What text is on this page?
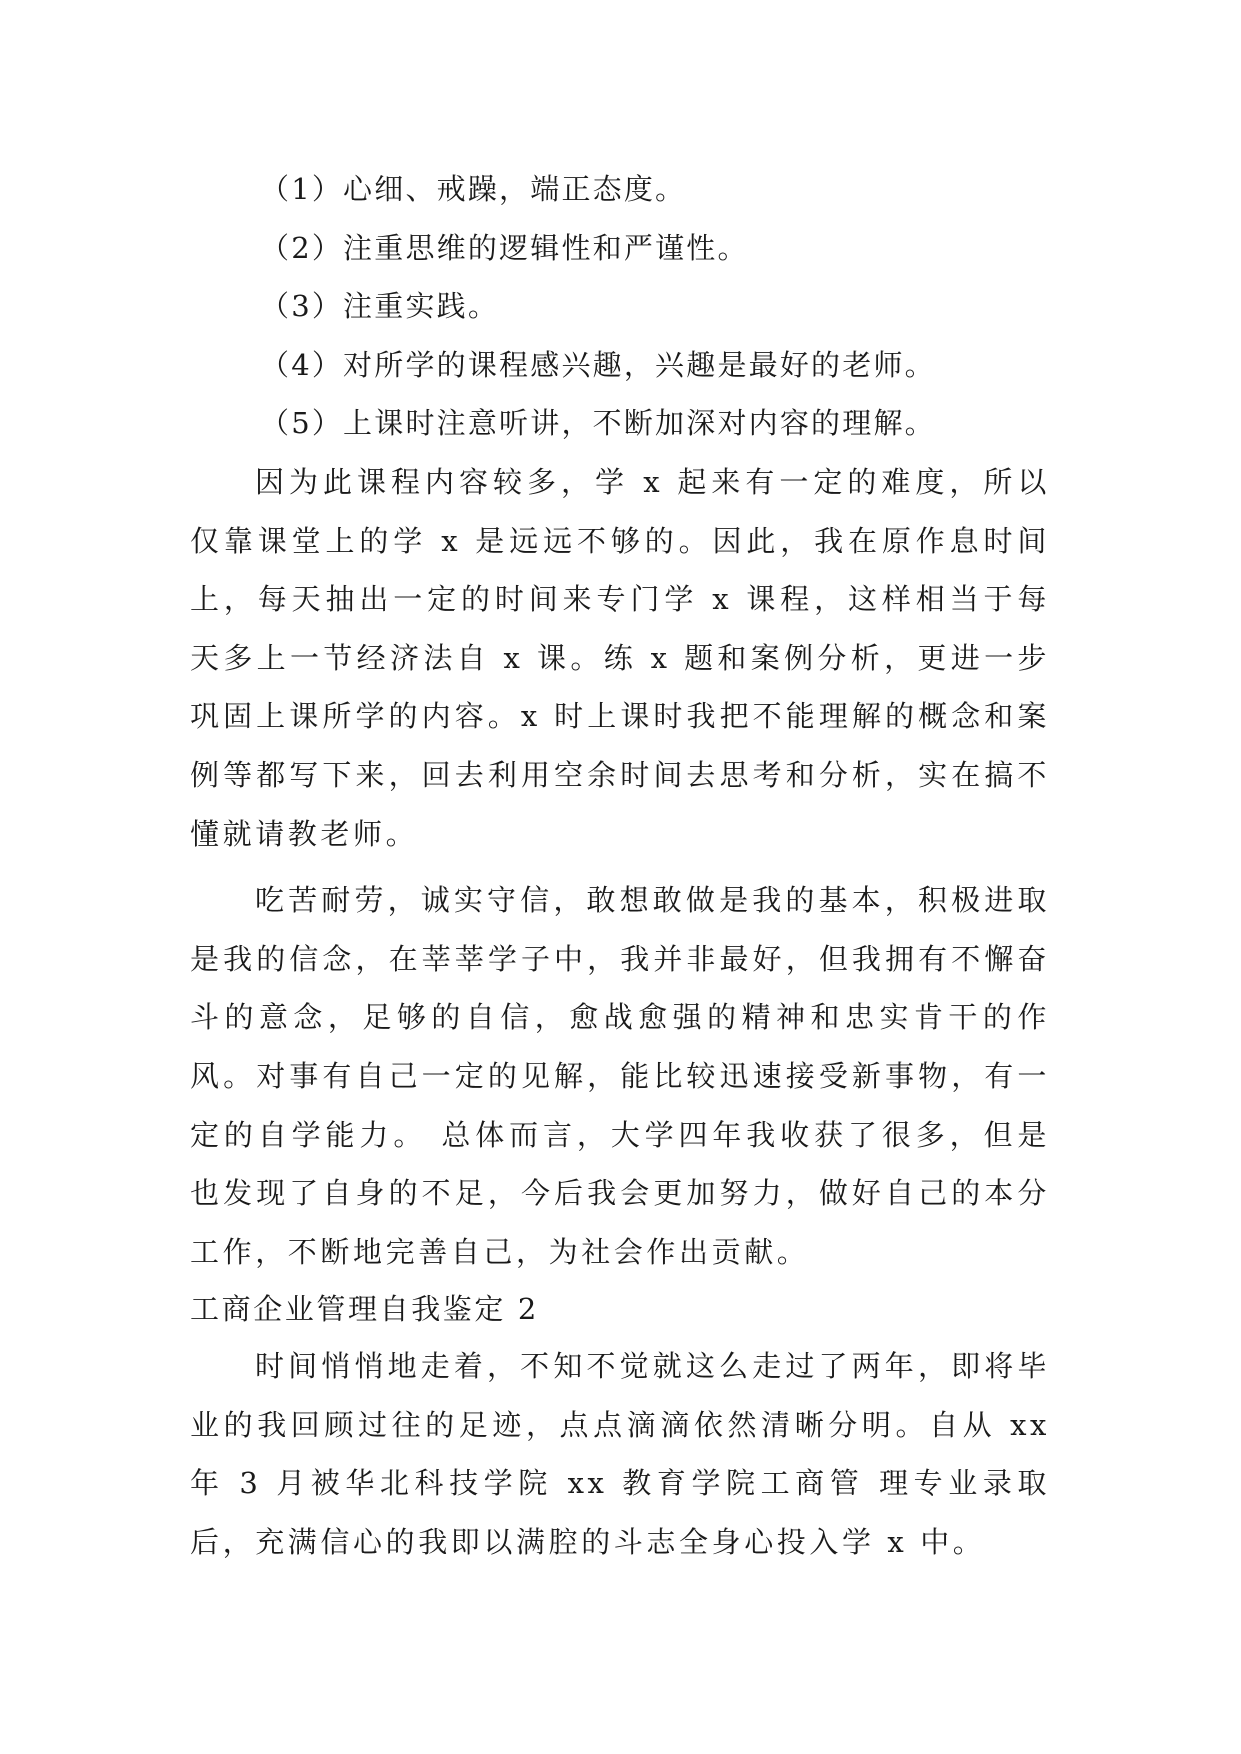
（1）心细、戒躁，端正态度。

（2）注重思维的逻辑性和严谨性。

（3）注重实践。

（4）对所学的课程感兴趣，兴趣是最好的老师。

（5）上课时注意听讲，不断加深对内容的理解。

因为此课程内容较多，学 x 起来有一定的难度，所以仅靠课堂上的学 x 是远远不够的。因此，我在原作息时间上，每天抽出一定的时间来专门学 x 课程，这样相当于每天多上一节经济法自 x 课。练 x 题和案例分析，更进一步巩固上课所学的内容。x 时上课时我把不能理解的概念和案例等都写下来，回去利用空余时间去思考和分析，实在搞不懂就请教老师。

吃苦耐劳，诚实守信，敢想敢做是我的基本，积极进取是我的信念，在莘莘学子中，我并非最好，但我拥有不懈奋斗的意念，足够的自信，愈战愈强的精神和忠实肯干的作风。对事有自己一定的见解，能比较迅速接受新事物，有一定的自学能力。 总体而言，大学四年我收获了很多，但是也发现了自身的不足，今后我会更加努力，做好自己的本分工作，不断地完善自己，为社会作出贡献。

工商企业管理自我鉴定 2

时间悄悄地走着，不知不觉就这么走过了两年，即将毕业的我回顾过往的足迹，点点滴滴依然清晰分明。自从 xx 年 3 月被华北科技学院 xx 教育学院工商管 理专业录取后，充满信心的我即以满腔的斗志全身心投入学 x 中。
